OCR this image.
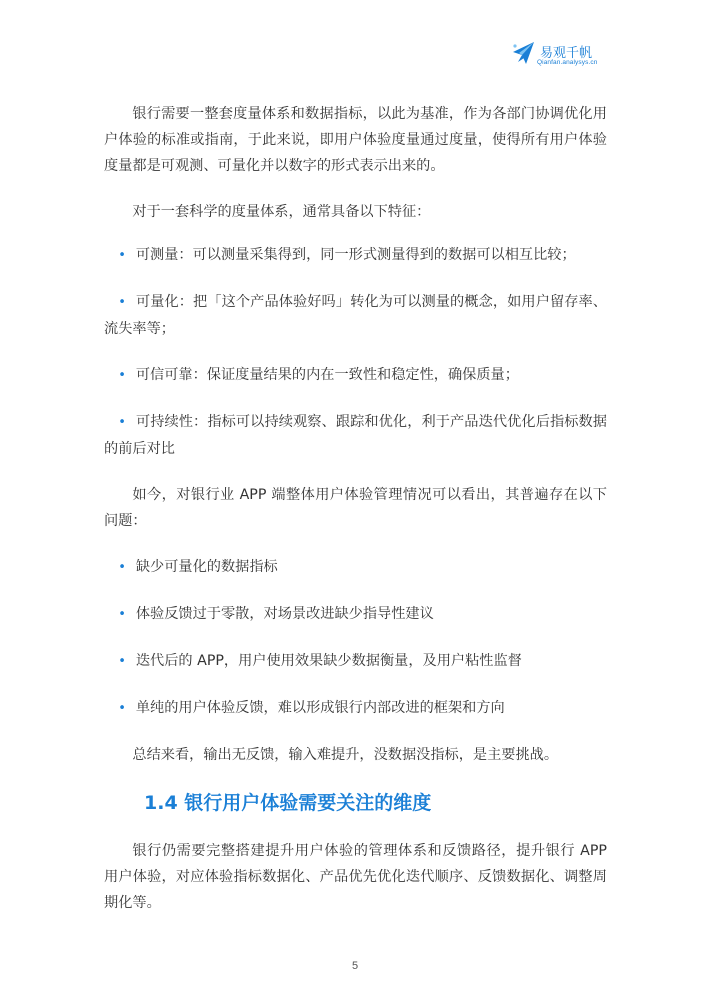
易观千帆
Qianfan.analysys.cn

银行需要一整套度量体系和数据指标，以此为基准，作为各部门协调优化用户体验的标准或指南，于此来说，即用户体验度量通过度量，使得所有用户体验度量都是可观测、可量化并以数字的形式表示出来的。

对于一套科学的度量体系，通常具备以下特征：

• 可测量：可以测量采集得到，同一形式测量得到的数据可以相互比较；

• 可量化：把「这个产品体验好吗」转化为可以测量的概念，如用户留存率、流失率等；

• 可信可靠：保证度量结果的内在一致性和稳定性，确保质量；

• 可持续性：指标可以持续观察、跟踪和优化，利于产品迭代优化后指标数据的前后对比

如今，对银行业 APP 端整体用户体验管理情况可以看出，其普遍存在以下问题：

• 缺少可量化的数据指标

• 体验反馈过于零散，对场景改进缺少指导性建议

• 迭代后的 APP，用户使用效果缺少数据衡量，及用户粘性监督

• 单纯的用户体验反馈，难以形成银行内部改进的框架和方向

总结来看，输出无反馈，输入难提升，没数据没指标，是主要挑战。

1.4 银行用户体验需要关注的维度

银行仍需要完整搭建提升用户体验的管理体系和反馈路径，提升银行 APP 用户体验，对应体验指标数据化、产品优先优化迭代顺序、反馈数据化、调整周期化等。

5
